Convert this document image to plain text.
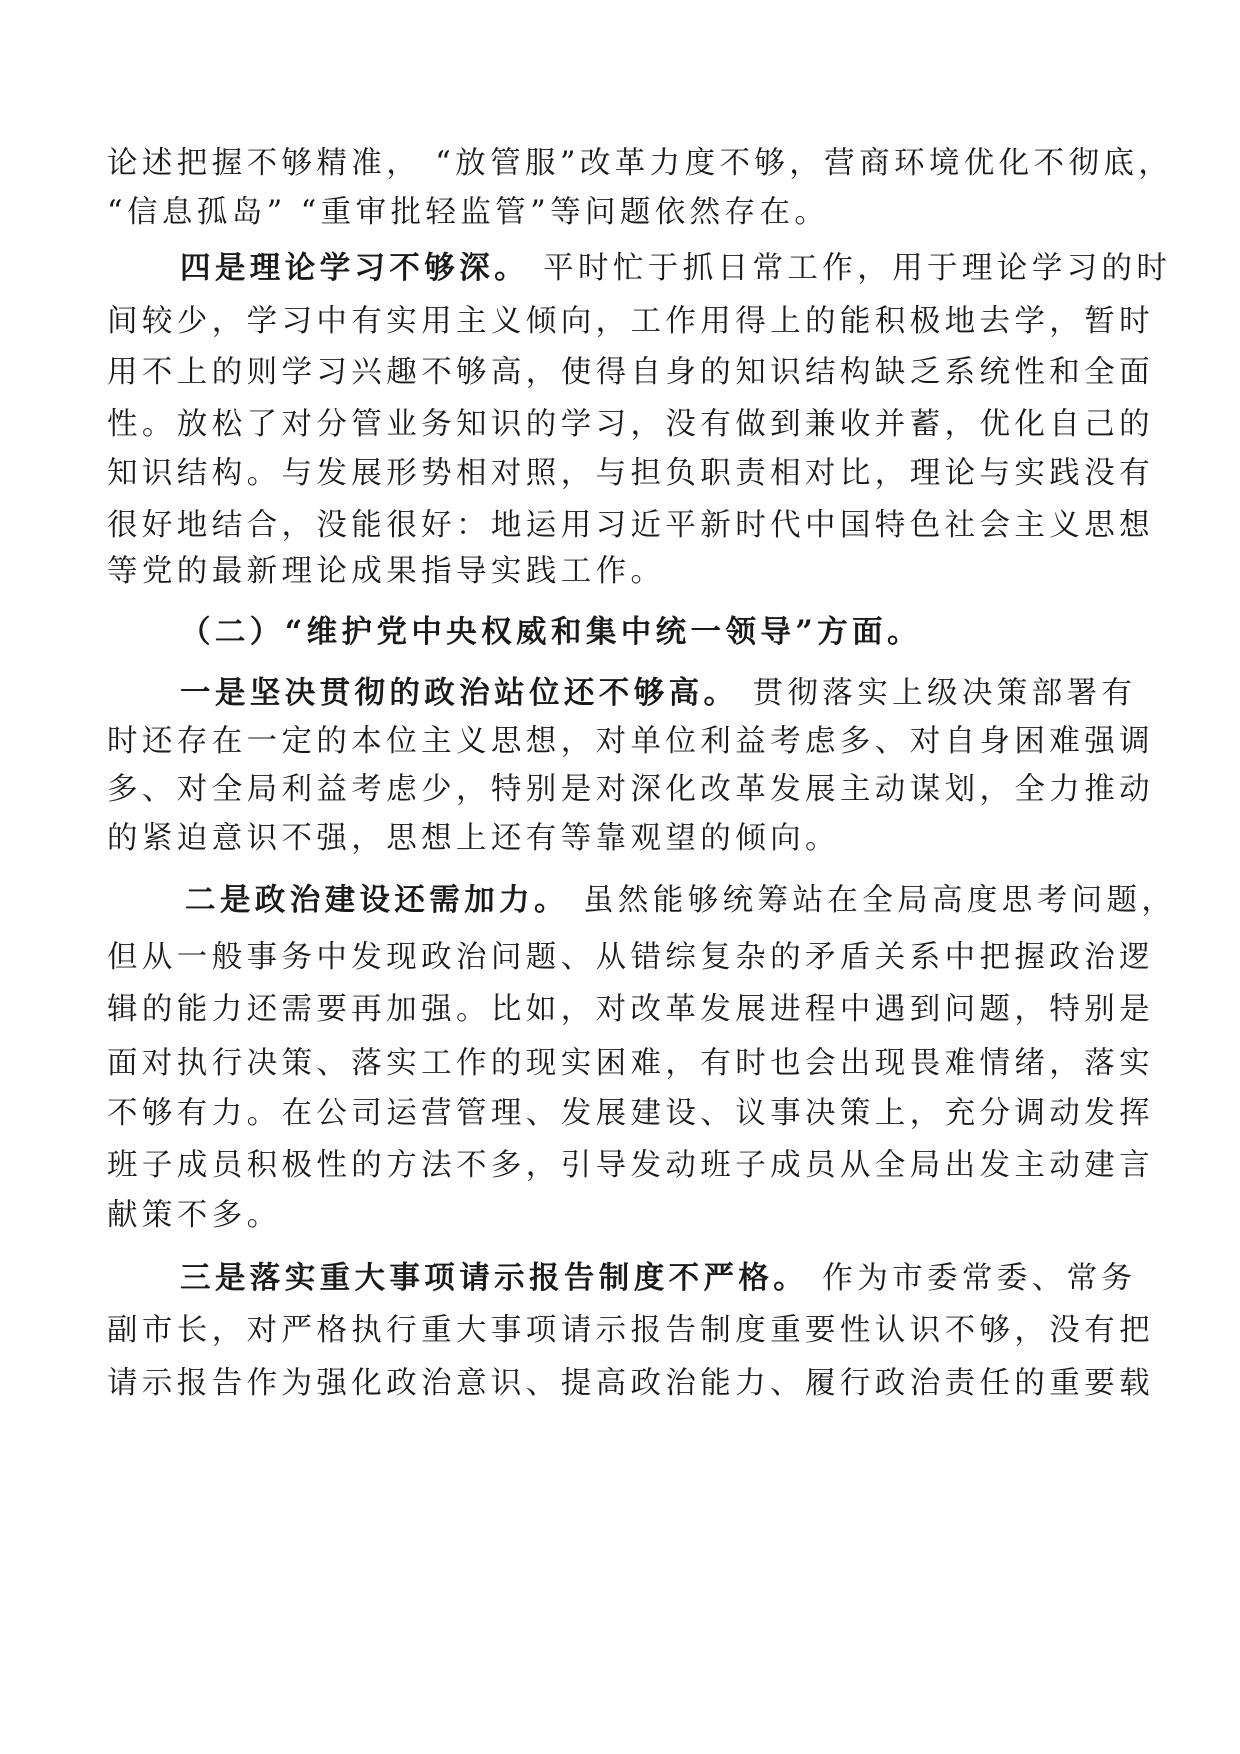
论述把握不够精准， “放管服”改革力度不够，营商环境优化不彻底，
“信息孤岛” “重审批轻监管”等问题依然存在。
四是理论学习不够深。 平时忙于抓日常工作，用于理论学习的时
间较少，学习中有实用主义倾向，工作用得上的能积极地去学，暂时
用不上的则学习兴趣不够高，使得自身的知识结构缺乏系统性和全面
性。放松了对分管业务知识的学习，没有做到兼收并蓄，优化自己的
知识结构。与发展形势相对照，与担负职责相对比，理论与实践没有
很好地结合，没能很好：地运用习近平新时代中国特色社会主义思想
等党的最新理论成果指导实践工作。
（二）“维护党中央权威和集中统一领导”方面。
一是坚决贯彻的政治站位还不够高。 贯彻落实上级决策部署有
时还存在一定的本位主义思想，对单位利益考虑多、对自身困难强调
多、对全局利益考虑少，特别是对深化改革发展主动谋划，全力推动
的紧迫意识不强，思想上还有等靠观望的倾向。
二是政治建设还需加力。 虽然能够统筹站在全局高度思考问题，
但从一般事务中发现政治问题、从错综复杂的矛盾关系中把握政治逻
辑的能力还需要再加强。比如，对改革发展进程中遇到问题，特别是
面对执行决策、落实工作的现实困难，有时也会出现畏难情绪，落实
不够有力。在公司运营管理、发展建设、议事决策上，充分调动发挥
班子成员积极性的方法不多，引导发动班子成员从全局出发主动建言
献策不多。
三是落实重大事项请示报告制度不严格。 作为市委常委、常务
副市长，对严格执行重大事项请示报告制度重要性认识不够，没有把
请示报告作为强化政治意识、提高政治能力、履行政治责任的重要载
